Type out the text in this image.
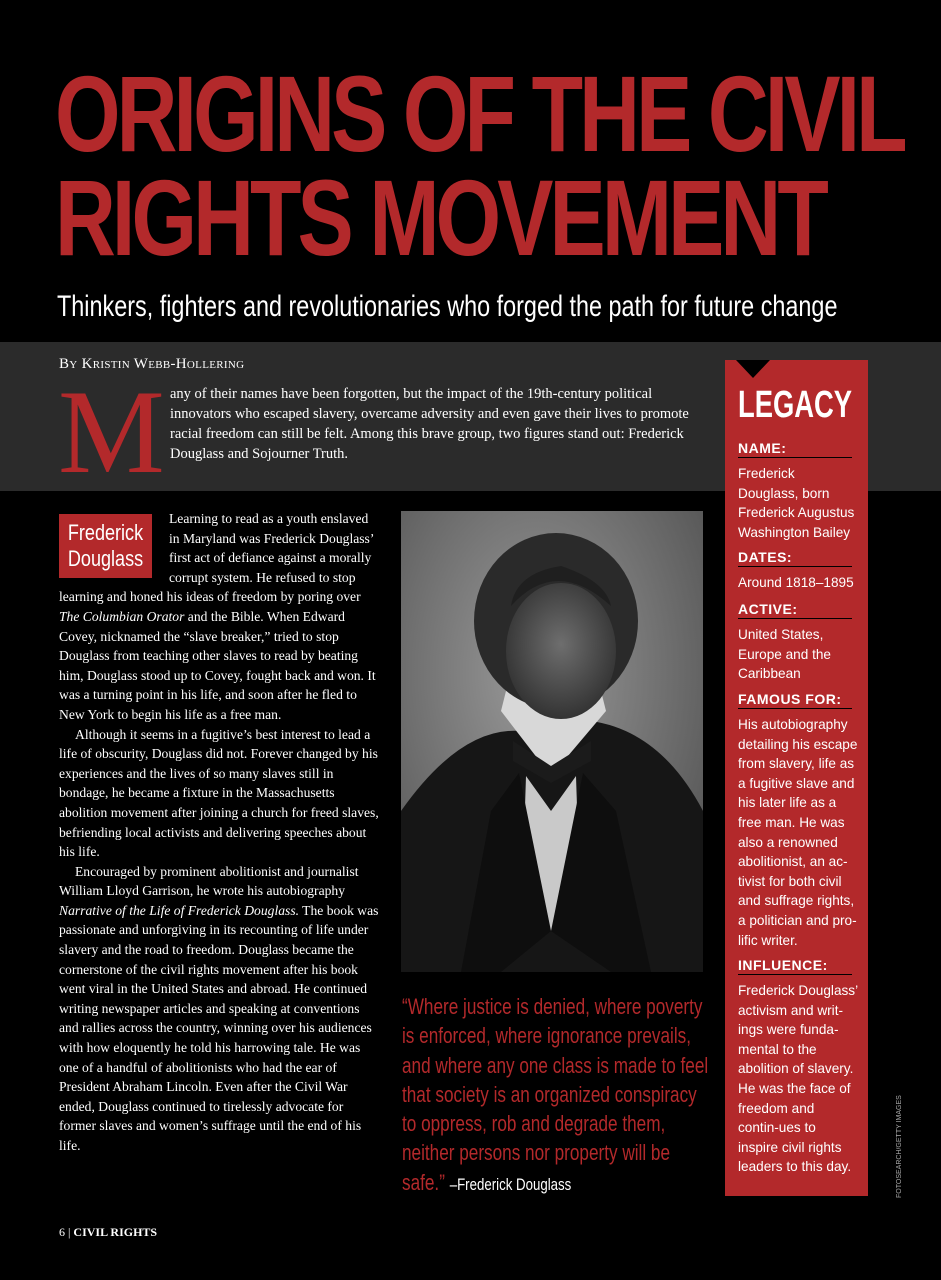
ORIGINS OF THE CIVIL
RIGHTS MOVEMENT
Thinkers, fighters and revolutionaries who forged the path for future change
By Kristin Webb-Hollering
M any of their names have been forgotten, but the impact of the 19th-century political innovators who escaped slavery, overcame adversity and even gave their lives to promote racial freedom can still be felt. Among this brave group, two figures stand out: Frederick Douglass and Sojourner Truth.

Learning to read as a youth enslaved in Maryland was Frederick Douglass’ first act of defiance against a morally corrupt system. He refused to stop learning and honed his ideas of freedom by poring over The Columbian Orator and the Bible. When Edward Covey, nicknamed the “slave breaker,” tried to stop Douglass from teaching other slaves to read by beating him, Douglass stood up to Covey, fought back and won. It was a turning point in his life, and soon after he fled to New York to begin his life as a free man.

Although it seems in a fugitive’s best interest to lead a life of obscurity, Douglass did not. Forever changed by his experiences and the lives of so many slaves still in bondage, he became a fixture in the Massachusetts abolition movement after joining a church for freed slaves, befriending local activists and delivering speeches about his life.

Encouraged by prominent abolitionist and journalist William Lloyd Garrison, he wrote his autobiography Narrative of the Life of Frederick Douglass. The book was passionate and unforgiving in its recounting of life under slavery and the road to freedom. Douglass became the cornerstone of the civil rights movement after his book went viral in the United States and abroad. He continued writing newspaper articles and speaking at conventions and rallies across the country, winning over his audiences with how eloquently he told his harrowing tale. He was one of a handful of abolitionists who had the ear of President Abraham Lincoln. Even after the Civil War ended, Douglass continued to tirelessly advocate for former slaves and women’s suffrage until the end of his life.

Frederick
Douglass
“Where justice is denied, where poverty is enforced, where ignorance prevails, and where any one class is made to feel that society is an organized conspiracy to oppress, rob and degrade them, neither persons nor property will be safe.” –Frederick Douglass
LEGACY
NAME:
Frederick Douglass, born Frederick Augustus Washington Bailey
DATES:
Around 1818–1895
ACTIVE:
United States, Europe and the Caribbean
FAMOUS FOR:
His autobiography detailing his escape from slavery, life as a fugitive slave and his later life as a free man. He was also a renowned abolitionist, an ac-tivist for both civil and suffrage rights, a politician and pro-lific writer.
INFLUENCE:
Frederick Douglass’ activism and writ-ings were funda-mental to the abolition of slavery. He was the face of freedom and contin-ues to inspire civil rights leaders to this day.	FOTOSEARCH/GETTY IMAGES
6 | CIVIL RIGHTS
